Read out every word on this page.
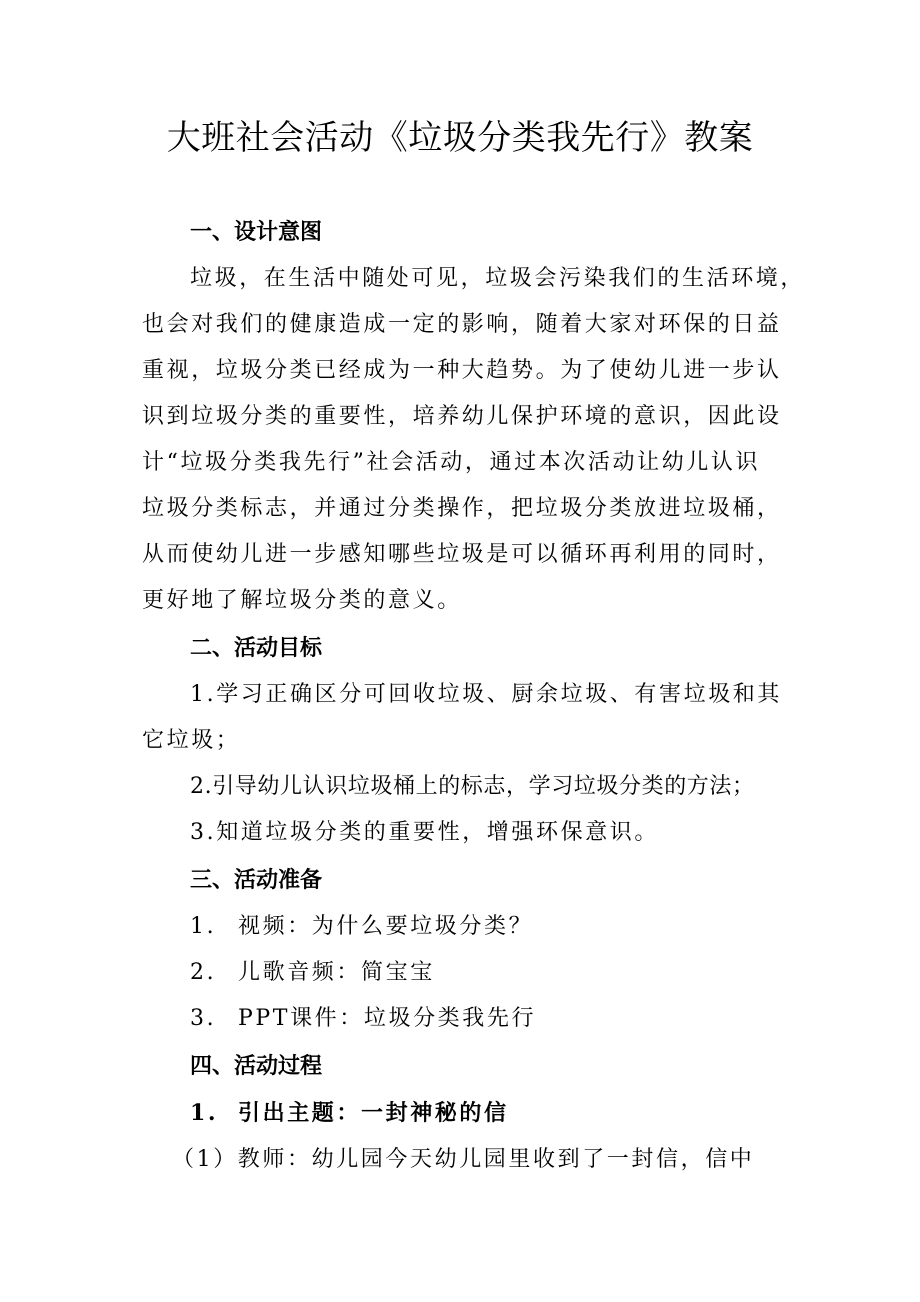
大班社会活动《垃圾分类我先行》教案
一、设计意图
垃圾，在生活中随处可见，垃圾会污染我们的生活环境，
也会对我们的健康造成一定的影响，随着大家对环保的日益
重视，垃圾分类已经成为一种大趋势。为了使幼儿进一步认
识到垃圾分类的重要性，培养幼儿保护环境的意识，因此设
计“垃圾分类我先行”社会活动，通过本次活动让幼儿认识
垃圾分类标志，并通过分类操作，把垃圾分类放进垃圾桶，
从而使幼儿进一步感知哪些垃圾是可以循环再利用的同时，
更好地了解垃圾分类的意义。
二、活动目标
1.学习正确区分可回收垃圾、厨余垃圾、有害垃圾和其
它垃圾；
2.引导幼儿认识垃圾桶上的标志，学习垃圾分类的方法；
3.知道垃圾分类的重要性，增强环保意识。
三、活动准备
1. 视频：为什么要垃圾分类？
2. 儿歌音频：简宝宝
3. PPT课件：垃圾分类我先行
四、活动过程
1. 引出主题：一封神秘的信
（1）教师：幼儿园今天幼儿园里收到了一封信，信中
